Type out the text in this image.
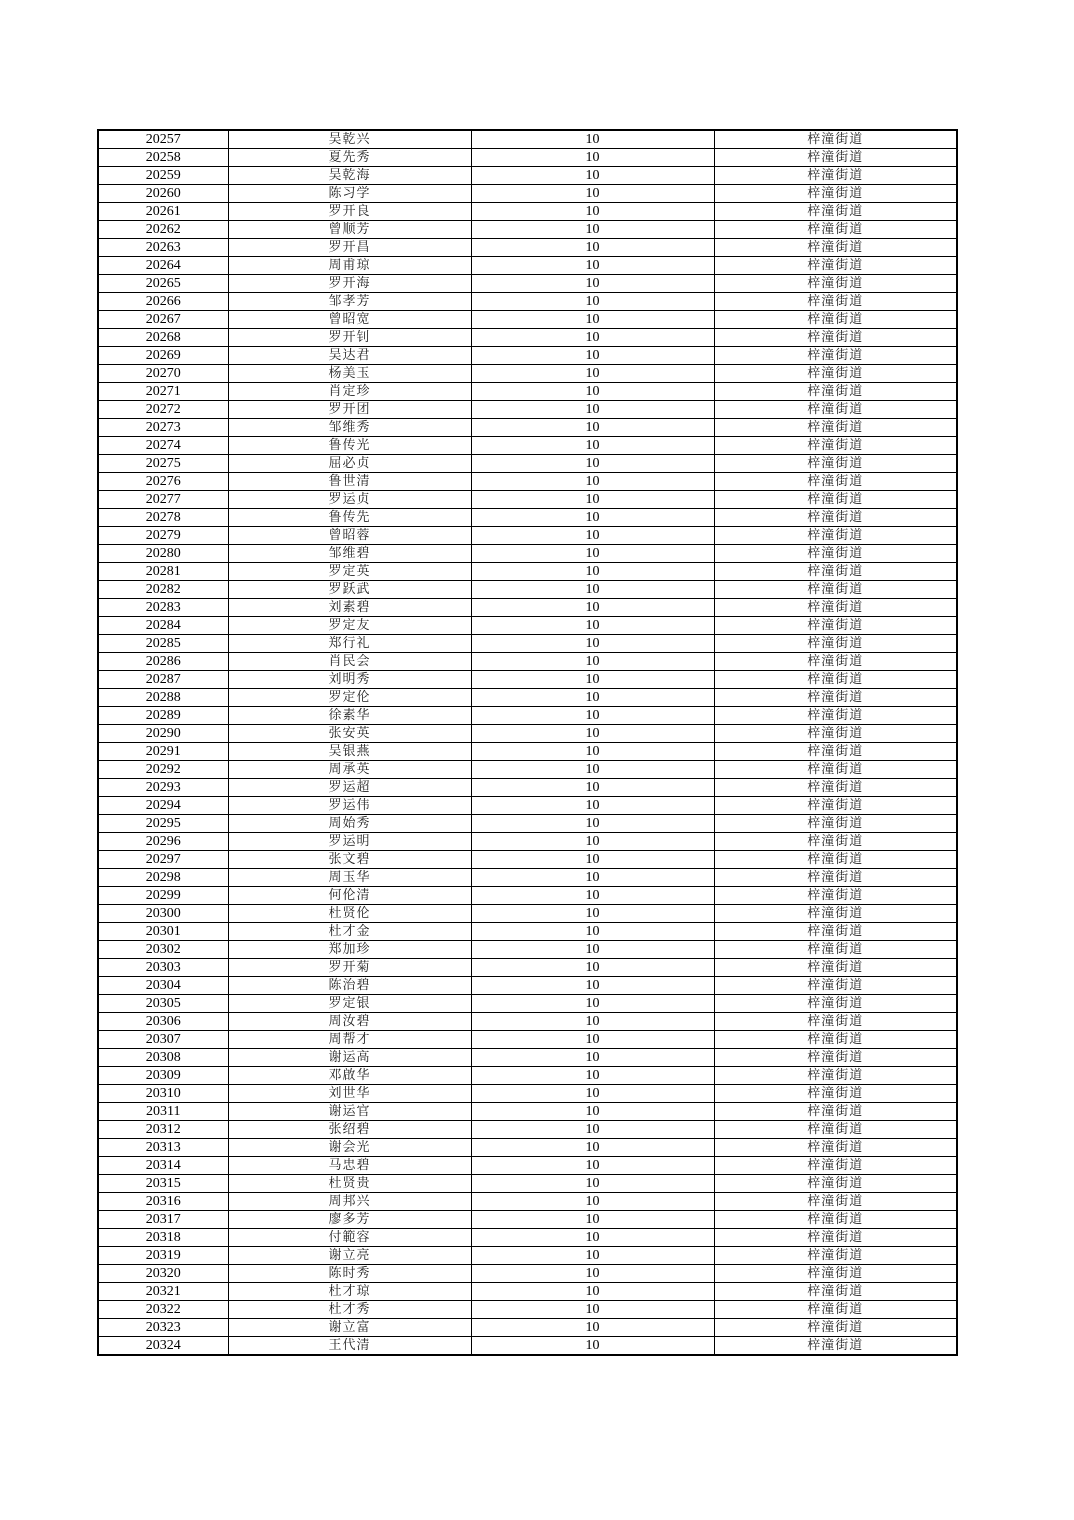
20257	吴乾兴	10	梓潼街道
20258	夏先秀	10	梓潼街道
20259	吴乾海	10	梓潼街道
20260	陈习学	10	梓潼街道
20261	罗开良	10	梓潼街道
20262	曾顺芳	10	梓潼街道
20263	罗开昌	10	梓潼街道
20264	周甫琼	10	梓潼街道
20265	罗开海	10	梓潼街道
20266	邹孝芳	10	梓潼街道
20267	曾昭宽	10	梓潼街道
20268	罗开钊	10	梓潼街道
20269	吴达君	10	梓潼街道
20270	杨美玉	10	梓潼街道
20271	肖定珍	10	梓潼街道
20272	罗开团	10	梓潼街道
20273	邹维秀	10	梓潼街道
20274	鲁传光	10	梓潼街道
20275	屈必贞	10	梓潼街道
20276	鲁世清	10	梓潼街道
20277	罗运贞	10	梓潼街道
20278	鲁传先	10	梓潼街道
20279	曾昭蓉	10	梓潼街道
20280	邹维碧	10	梓潼街道
20281	罗定英	10	梓潼街道
20282	罗跃武	10	梓潼街道
20283	刘素碧	10	梓潼街道
20284	罗定友	10	梓潼街道
20285	郑行礼	10	梓潼街道
20286	肖民会	10	梓潼街道
20287	刘明秀	10	梓潼街道
20288	罗定伦	10	梓潼街道
20289	徐素华	10	梓潼街道
20290	张安英	10	梓潼街道
20291	吴银燕	10	梓潼街道
20292	周承英	10	梓潼街道
20293	罗运超	10	梓潼街道
20294	罗运伟	10	梓潼街道
20295	周始秀	10	梓潼街道
20296	罗运明	10	梓潼街道
20297	张文碧	10	梓潼街道
20298	周玉华	10	梓潼街道
20299	何伦清	10	梓潼街道
20300	杜贤伦	10	梓潼街道
20301	杜才金	10	梓潼街道
20302	郑加珍	10	梓潼街道
20303	罗开菊	10	梓潼街道
20304	陈治碧	10	梓潼街道
20305	罗定银	10	梓潼街道
20306	周汝碧	10	梓潼街道
20307	周帮才	10	梓潼街道
20308	谢运高	10	梓潼街道
20309	邓啟华	10	梓潼街道
20310	刘世华	10	梓潼街道
20311	谢运官	10	梓潼街道
20312	张绍碧	10	梓潼街道
20313	谢会光	10	梓潼街道
20314	马忠碧	10	梓潼街道
20315	杜贤贵	10	梓潼街道
20316	周邦兴	10	梓潼街道
20317	廖多芳	10	梓潼街道
20318	付範容	10	梓潼街道
20319	谢立亮	10	梓潼街道
20320	陈时秀	10	梓潼街道
20321	杜才琼	10	梓潼街道
20322	杜才秀	10	梓潼街道
20323	谢立富	10	梓潼街道
20324	王代清	10	梓潼街道
